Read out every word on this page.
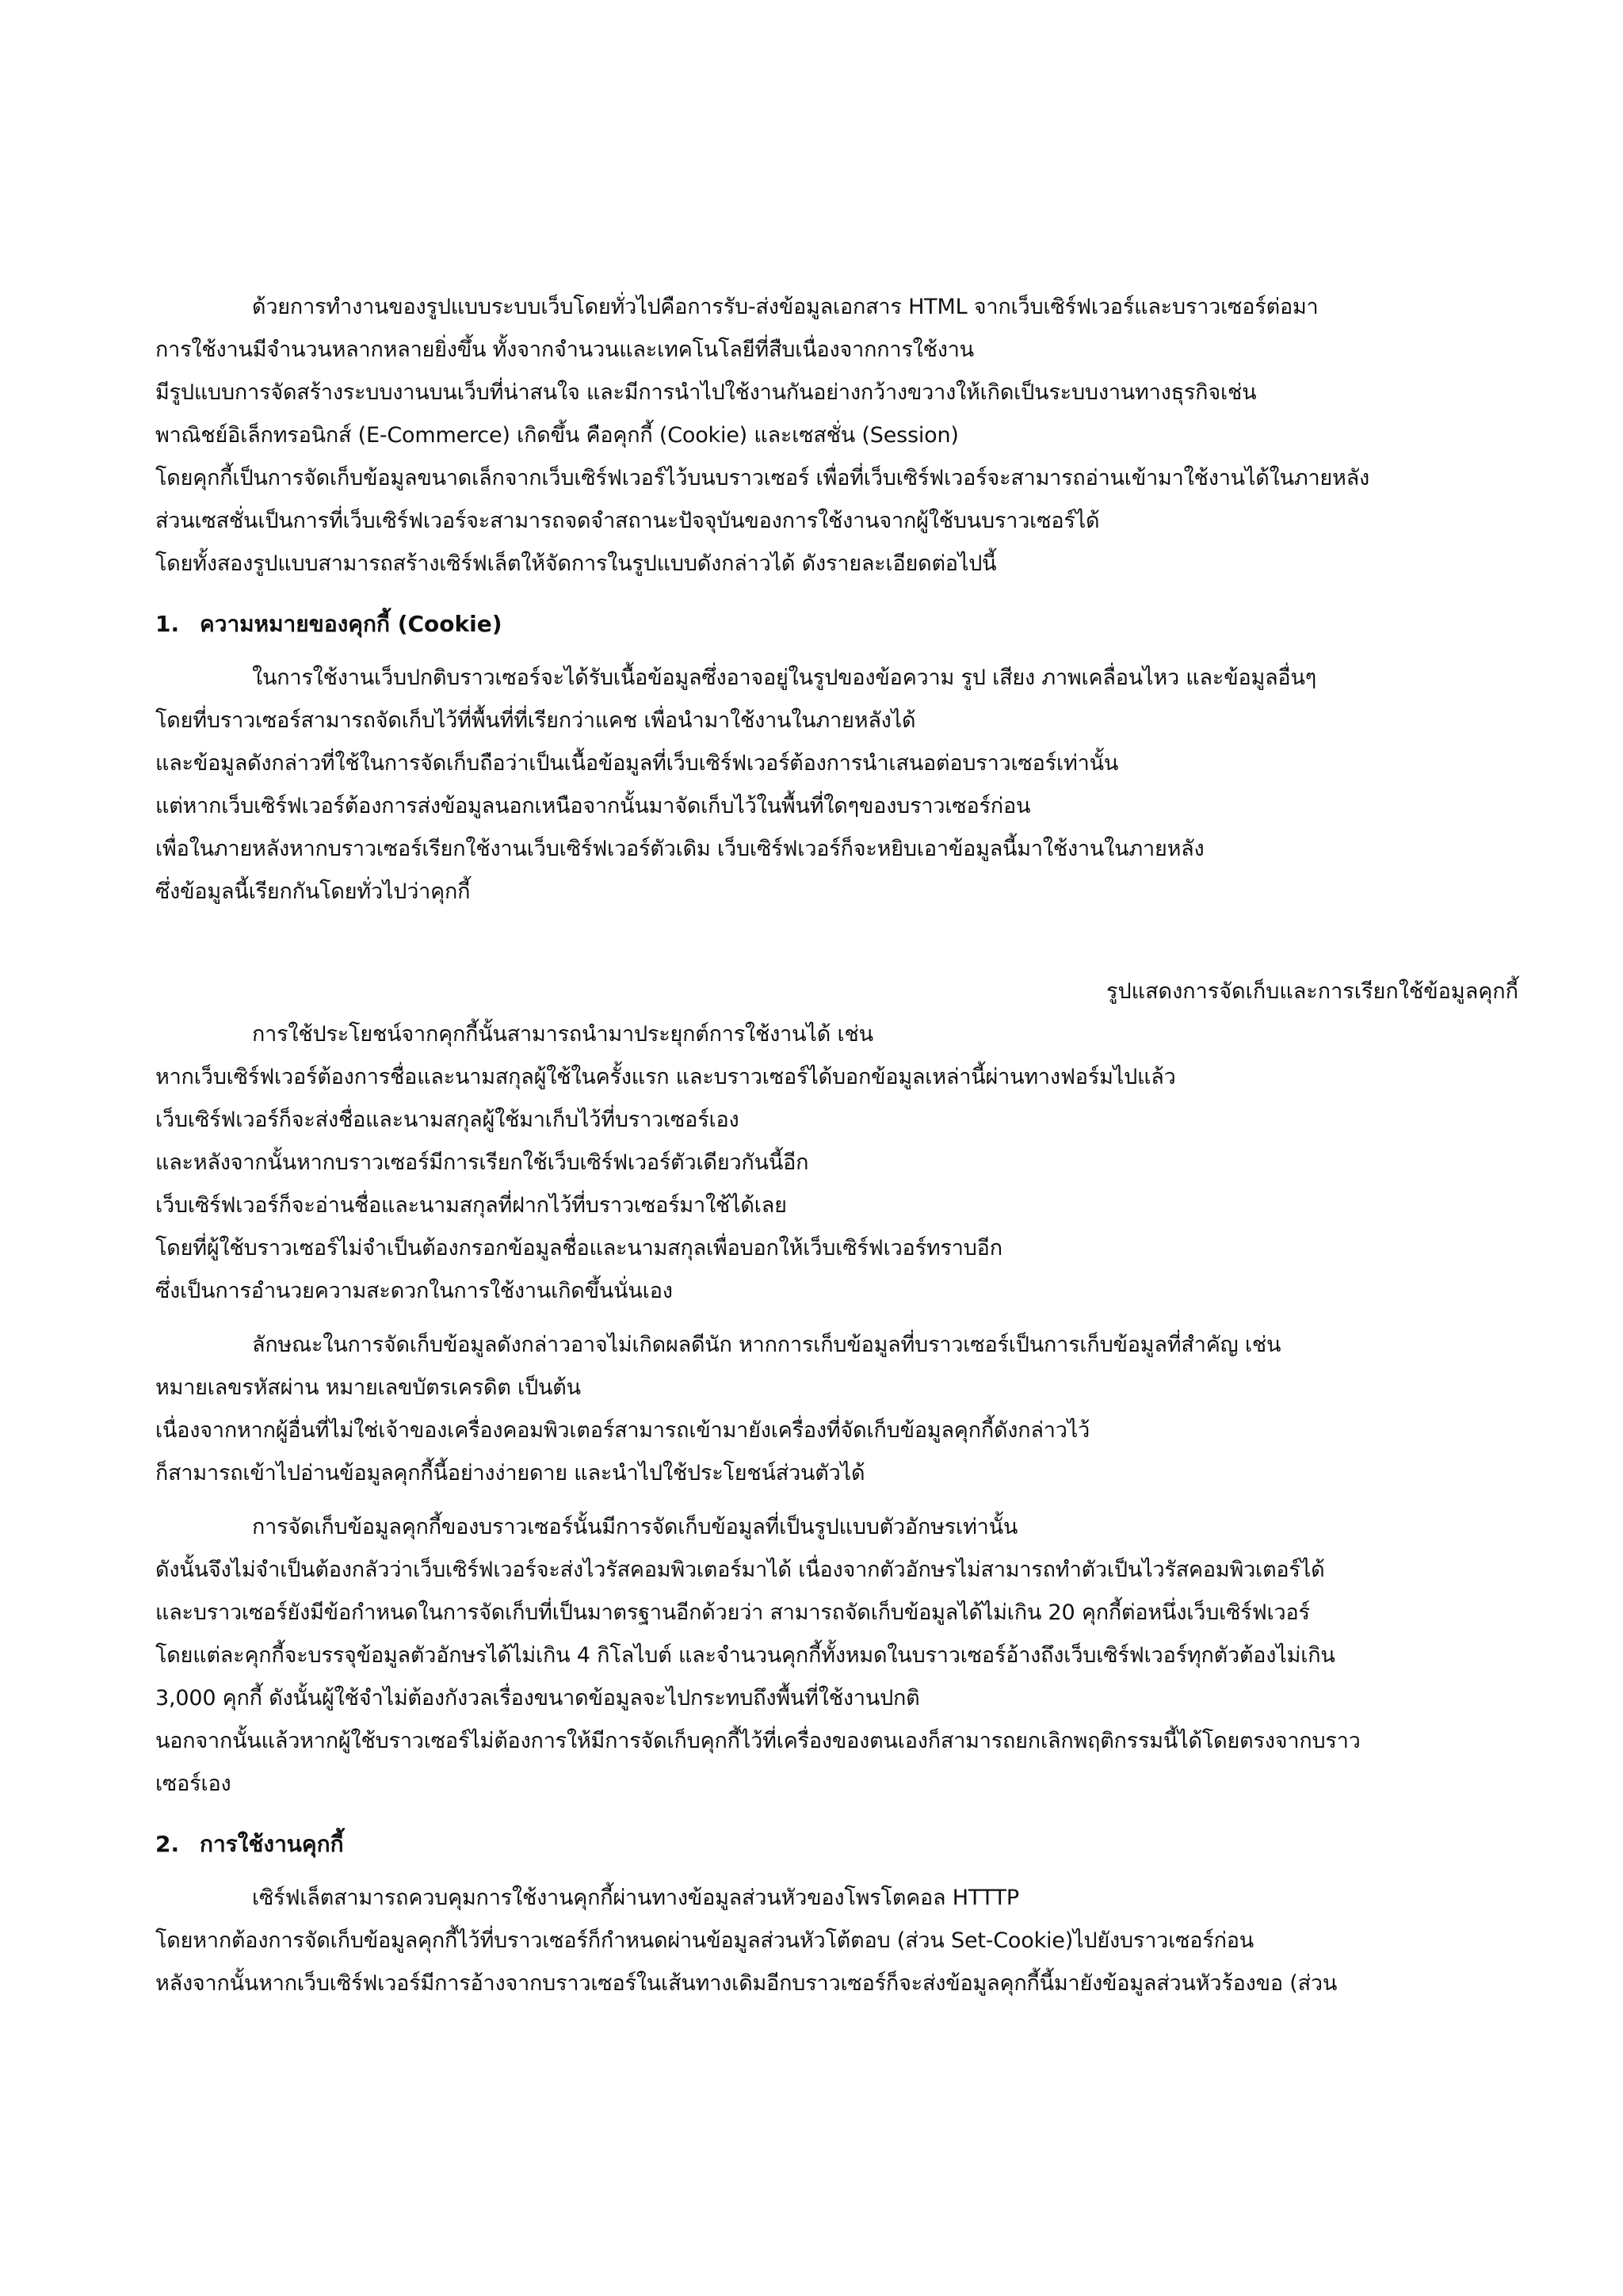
ด้วยการทำงานของรูปแบบระบบเว็บโดยทั่วไปคือการรับ-ส่งข้อมูลเอกสาร HTML จากเว็บเซิร์ฟเวอร์และบราวเซอร์ต่อมา
การใช้งานมีจำนวนหลากหลายยิ่งขึ้น ทั้งจากจำนวนและเทคโนโลยีที่สืบเนื่องจากการใช้งาน
มีรูปแบบการจัดสร้างระบบงานบนเว็บที่น่าสนใจ และมีการนำไปใช้งานกันอย่างกว้างขวางให้เกิดเป็นระบบงานทางธุรกิจเช่น
พาณิชย์อิเล็กทรอนิกส์ (E-Commerce) เกิดขึ้น คือคุกกี้ (Cookie) และเซสชั่น (Session)
โดยคุกกี้เป็นการจัดเก็บข้อมูลขนาดเล็กจากเว็บเซิร์ฟเวอร์ไว้บนบราวเซอร์ เพื่อที่เว็บเซิร์ฟเวอร์จะสามารถอ่านเข้ามาใช้งานได้ในภายหลัง
ส่วนเซสชั่นเป็นการที่เว็บเซิร์ฟเวอร์จะสามารถจดจำสถานะปัจจุบันของการใช้งานจากผู้ใช้บนบราวเซอร์ได้
โดยทั้งสองรูปแบบสามารถสร้างเซิร์ฟเล็ตให้จัดการในรูปแบบดังกล่าวได้ ดังรายละเอียดต่อไปนี้
1. ความหมายของคุกกี้ (Cookie)
ในการใช้งานเว็บปกติบราวเซอร์จะได้รับเนื้อข้อมูลซึ่งอาจอยู่ในรูปของข้อความ รูป เสียง ภาพเคลื่อนไหว และข้อมูลอื่นๆ
โดยที่บราวเซอร์สามารถจัดเก็บไว้ที่พื้นที่ที่เรียกว่าแคช เพื่อนำมาใช้งานในภายหลังได้
และข้อมูลดังกล่าวที่ใช้ในการจัดเก็บถือว่าเป็นเนื้อข้อมูลที่เว็บเซิร์ฟเวอร์ต้องการนำเสนอต่อบราวเซอร์เท่านั้น
แต่หากเว็บเซิร์ฟเวอร์ต้องการส่งข้อมูลนอกเหนือจากนั้นมาจัดเก็บไว้ในพื้นที่ใดๆของบราวเซอร์ก่อน
เพื่อในภายหลังหากบราวเซอร์เรียกใช้งานเว็บเซิร์ฟเวอร์ตัวเดิม เว็บเซิร์ฟเวอร์ก็จะหยิบเอาข้อมูลนี้มาใช้งานในภายหลัง
ซึ่งข้อมูลนี้เรียกกันโดยทั่วไปว่าคุกกี้
รูปแสดงการจัดเก็บและการเรียกใช้ข้อมูลคุกกี้
การใช้ประโยชน์จากคุกกี้นั้นสามารถนำมาประยุกต์การใช้งานได้ เช่น
หากเว็บเซิร์ฟเวอร์ต้องการชื่อและนามสกุลผู้ใช้ในครั้งแรก และบราวเซอร์ได้บอกข้อมูลเหล่านี้ผ่านทางฟอร์มไปแล้ว
เว็บเซิร์ฟเวอร์ก็จะส่งชื่อและนามสกุลผู้ใช้มาเก็บไว้ที่บราวเซอร์เอง
และหลังจากนั้นหากบราวเซอร์มีการเรียกใช้เว็บเซิร์ฟเวอร์ตัวเดียวกันนี้อีก
เว็บเซิร์ฟเวอร์ก็จะอ่านชื่อและนามสกุลที่ฝากไว้ที่บราวเซอร์มาใช้ได้เลย
โดยที่ผู้ใช้บราวเซอร์ไม่จำเป็นต้องกรอกข้อมูลชื่อและนามสกุลเพื่อบอกให้เว็บเซิร์ฟเวอร์ทราบอีก
ซึ่งเป็นการอำนวยความสะดวกในการใช้งานเกิดขึ้นนั่นเอง
ลักษณะในการจัดเก็บข้อมูลดังกล่าวอาจไม่เกิดผลดีนัก หากการเก็บข้อมูลที่บราวเซอร์เป็นการเก็บข้อมูลที่สำคัญ เช่น
หมายเลขรหัสผ่าน หมายเลขบัตรเครดิต เป็นต้น
เนื่องจากหากผู้อื่นที่ไม่ใช่เจ้าของเครื่องคอมพิวเตอร์สามารถเข้ามายังเครื่องที่จัดเก็บข้อมูลคุกกี้ดังกล่าวไว้
ก็สามารถเข้าไปอ่านข้อมูลคุกกี้นี้อย่างง่ายดาย และนำไปใช้ประโยชน์ส่วนตัวได้
การจัดเก็บข้อมูลคุกกี้ของบราวเซอร์นั้นมีการจัดเก็บข้อมูลที่เป็นรูปแบบตัวอักษรเท่านั้น
ดังนั้นจึงไม่จำเป็นต้องกลัวว่าเว็บเซิร์ฟเวอร์จะส่งไวรัสคอมพิวเตอร์มาได้ เนื่องจากตัวอักษรไม่สามารถทำตัวเป็นไวรัสคอมพิวเตอร์ได้
และบราวเซอร์ยังมีข้อกำหนดในการจัดเก็บที่เป็นมาตรฐานอีกด้วยว่า สามารถจัดเก็บข้อมูลได้ไม่เกิน 20 คุกกี้ต่อหนึ่งเว็บเซิร์ฟเวอร์
โดยแต่ละคุกกี้จะบรรจุข้อมูลตัวอักษรได้ไม่เกิน 4 กิโลไบต์ และจำนวนคุกกี้ทั้งหมดในบราวเซอร์อ้างถึงเว็บเซิร์ฟเวอร์ทุกตัวต้องไม่เกิน
3,000 คุกกี้ ดังนั้นผู้ใช้จำไม่ต้องกังวลเรื่องขนาดข้อมูลจะไปกระทบถึงพื้นที่ใช้งานปกติ
นอกจากนั้นแล้วหากผู้ใช้บราวเซอร์ไม่ต้องการให้มีการจัดเก็บคุกกี้ไว้ที่เครื่องของตนเองก็สามารถยกเลิกพฤติกรรมนี้ได้โดยตรงจากบราว
เซอร์เอง
2. การใช้งานคุกกี้
เซิร์ฟเล็ตสามารถควบคุมการใช้งานคุกกี้ผ่านทางข้อมูลส่วนหัวของโพรโตคอล HTTTP
โดยหากต้องการจัดเก็บข้อมูลคุกกี้ไว้ที่บราวเซอร์ก็กำหนดผ่านข้อมูลส่วนหัวโต้ตอบ (ส่วน Set-Cookie)ไปยังบราวเซอร์ก่อน
หลังจากนั้นหากเว็บเซิร์ฟเวอร์มีการอ้างจากบราวเซอร์ในเส้นทางเดิมอีกบราวเซอร์ก็จะส่งข้อมูลคุกกี้นี้มายังข้อมูลส่วนหัวร้องขอ (ส่วน
